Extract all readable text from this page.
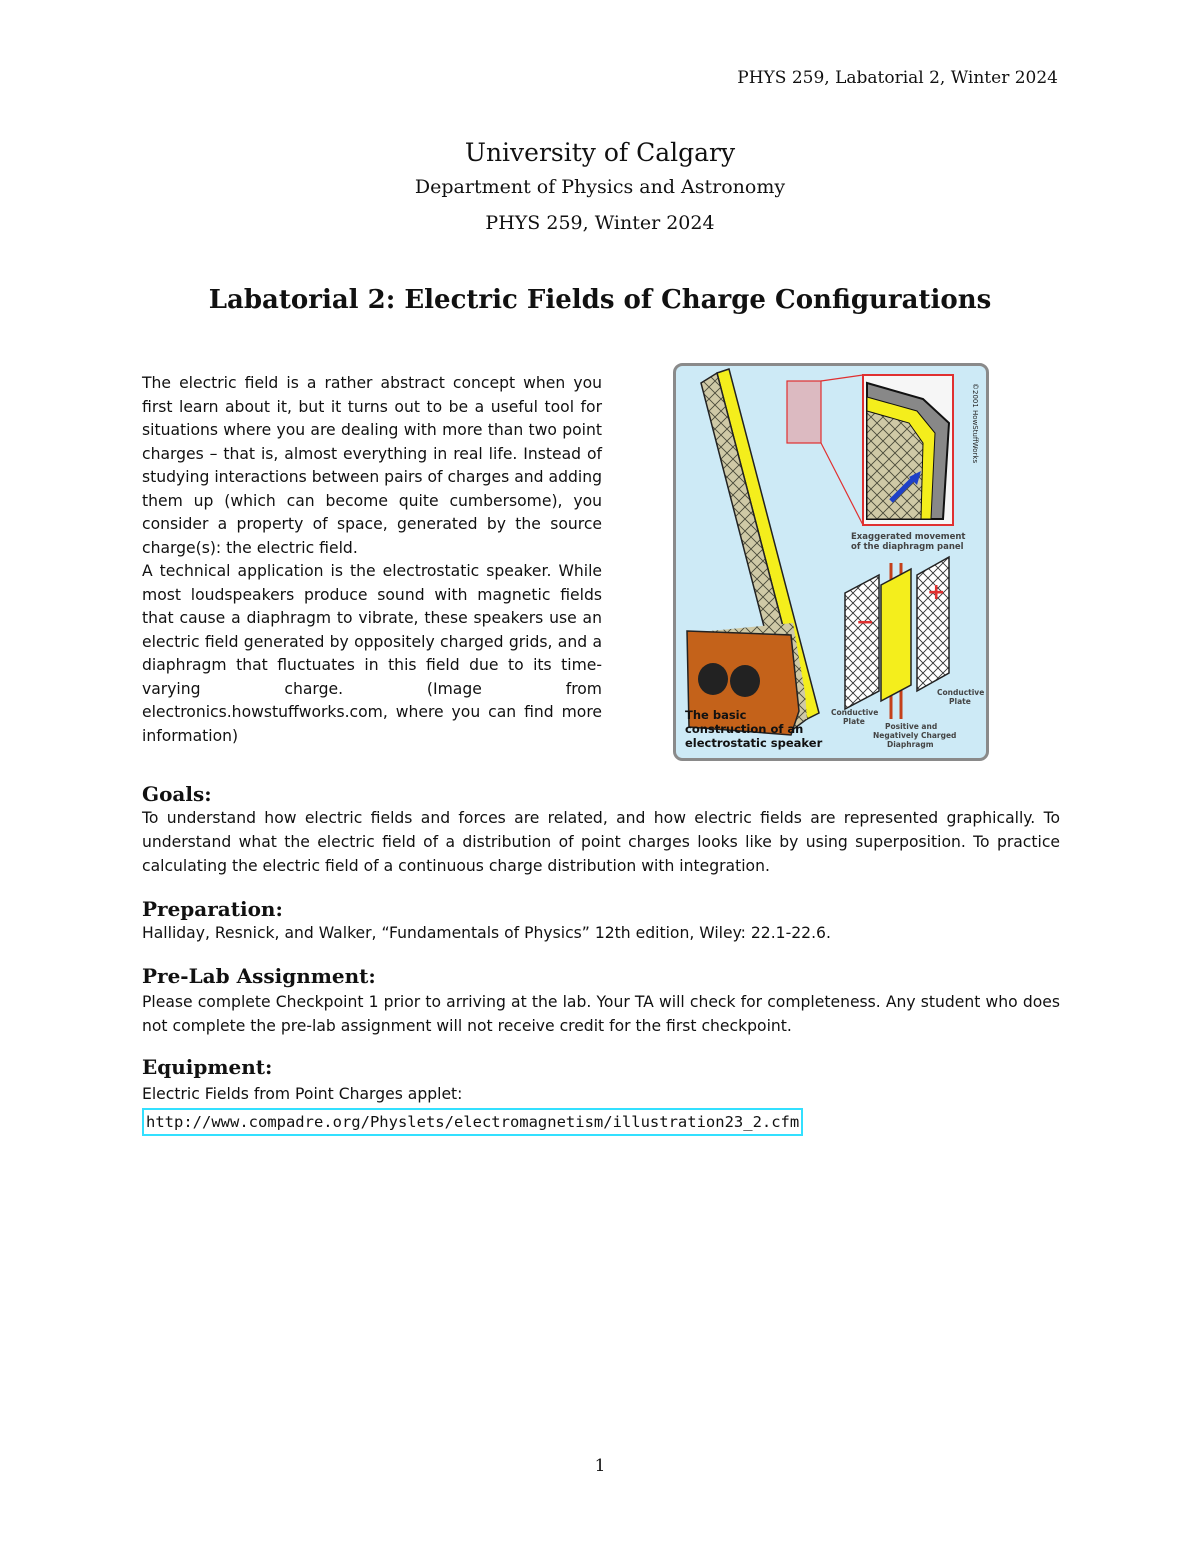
PHYS 259, Labatorial 2, Winter 2024
University of Calgary
Department of Physics and Astronomy
PHYS 259, Winter 2024
Labatorial 2: Electric Fields of Charge Configurations

The electric field is a rather abstract concept when you first learn about it, but it turns out to be a useful tool for situations where you are dealing with more than two point charges – that is, almost everything in real life. Instead of studying interactions between pairs of charges and adding them up (which can become quite cumbersome), you consider a property of space, generated by the source charge(s): the electric field.

A technical application is the electrostatic speaker. While most loudspeakers produce sound with magnetic fields that cause a diaphragm to vibrate, these speakers use an electric field generated by oppositely charged grids, and a diaphragm that fluctuates in this field due to its time-varying charge. (Image from electronics.howstuffworks.com, where you can find more information)

©2001 HowStuffWorks
Exaggerated movement
of the diaphragm panel
−
+
Conductive
Plate
Conductive
Plate
Positive and
Negatively Charged
Diaphragm
The basic
construction of an
electrostatic speaker
Goals:

To understand how electric fields and forces are related, and how electric fields are represented graphically. To understand what the electric field of a distribution of point charges looks like by using superposition. To practice calculating the electric field of a continuous charge distribution with integration.

Preparation:

Halliday, Resnick, and Walker, “Fundamentals of Physics” 12th edition, Wiley: 22.1-22.6.

Pre-Lab Assignment:

Please complete Checkpoint 1 prior to arriving at the lab. Your TA will check for completeness. Any student who does not complete the pre-lab assignment will not receive credit for the first checkpoint.

Equipment:

Electric Fields from Point Charges applet:

http://www.compadre.org/Physlets/electromagnetism/illustration23_2.cfm
1
